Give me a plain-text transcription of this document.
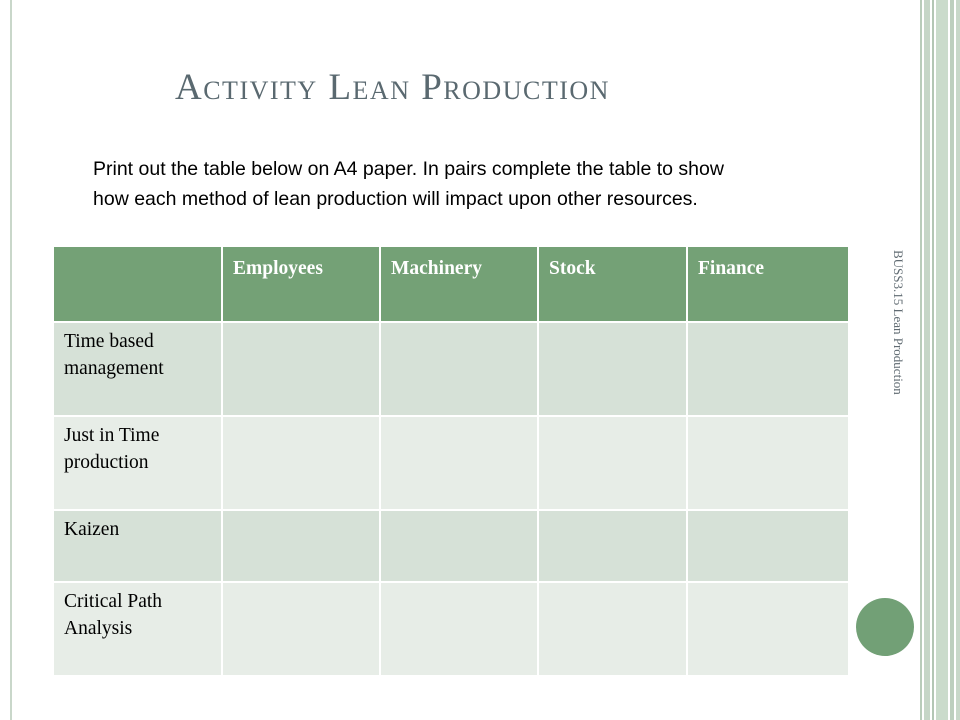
Activity Lean Production
Print out the table below on A4 paper. In pairs complete the table to show how each method of lean production will impact upon other resources.
	Employees	Machinery	Stock	Finance
Time based management				
Just in Time production				
Kaizen				
Critical Path Analysis				
BUSS3.15 Lean Production
